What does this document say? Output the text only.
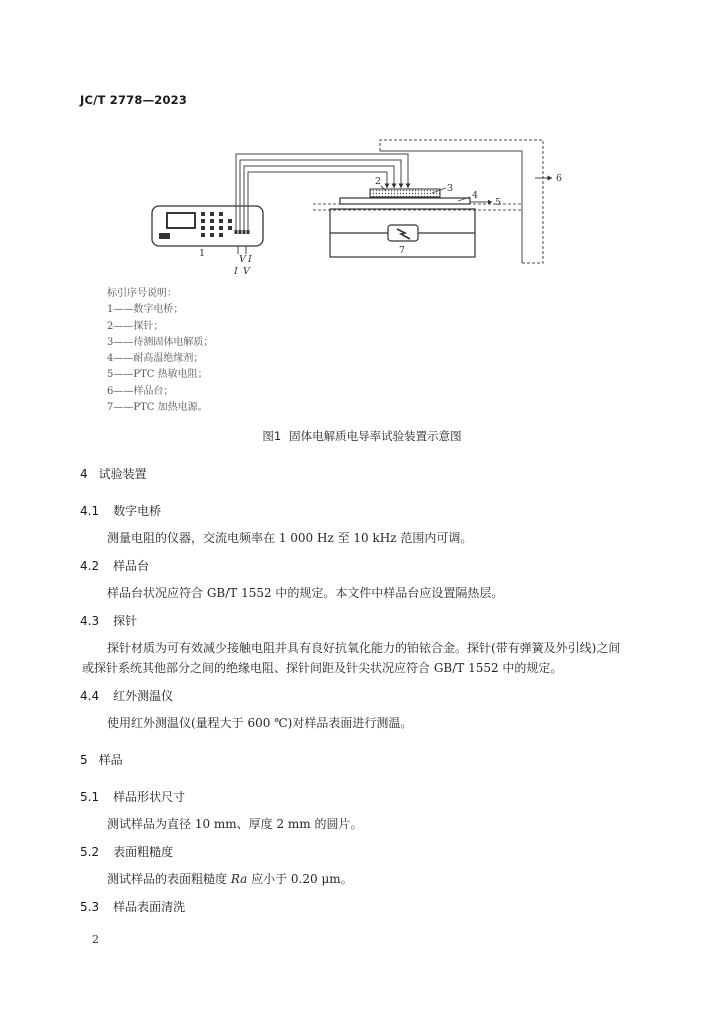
JC/T 2778—2023
1
2
3
4
5
6
7
V I
I V
标引序号说明：
1——数字电桥；
2——探针；
3——待测固体电解质；
4——耐高温绝缘剂；
5——PTC 热敏电阻；
6——样品台；
7——PTC 加热电源。
图1 固体电解质电导率试验装置示意图
4 试验装置
4.1 数字电桥
测量电阻的仪器，交流电频率在 1 000 Hz 至 10 kHz 范围内可调。
4.2 样品台
样品台状况应符合 GB/T 1552 中的规定。本文件中样品台应设置隔热层。
4.3 探针
探针材质为可有效减少接触电阻并具有良好抗氧化能力的铂铱合金。探针(带有弹簧及外引线)之间
或探针系统其他部分之间的绝缘电阻、探针间距及针尖状况应符合 GB/T 1552 中的规定。
4.4 红外测温仪
使用红外测温仪(量程大于 600 ℃)对样品表面进行测温。
5 样品
5.1 样品形状尺寸
测试样品为直径 10 mm、厚度 2 mm 的圆片。
5.2 表面粗糙度
测试样品的表面粗糙度 Ra 应小于 0.20 μm。
5.3 样品表面清洗
2
